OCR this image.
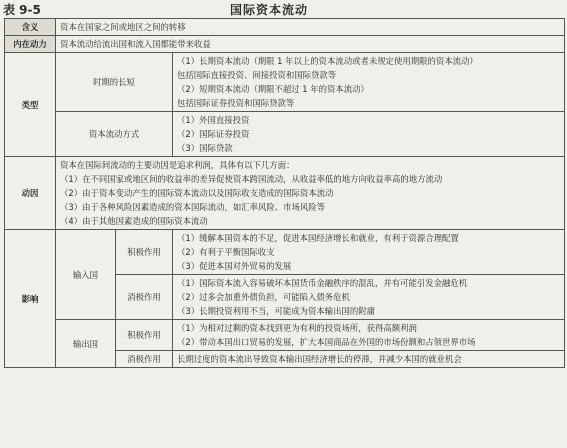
表 9-5	国际资本流动
含义	资本在国家之间或地区之间的转移		
内在动力	资本流动给流出国和流入国都能带来收益		
类型	时期的长短		（1）长期资本流动（期限 1 年以上的资本流动或者未规定使用期限的资本流动）
包括国际直接投资、间接投资和国际贷款等
（2）短期资本流动（期限不超过 1 年的资本流动）
包括国际证券投资和国际贷款等

	资本流动方式		（1）外国直接投资
（2）国际证券投资
（3）国际贷款

动因	资本在国际间流动的主要动因是追求利润，具体有以下几方面：
（1）在不同国家或地区间的收益率的差异促使资本跨国流动，从收益率低的地方向收益率高的地方流动
（2）由于资本变动产生的国际资本流动以及国际收支造成的国际资本流动
（3）由于各种风险因素造成的资本国际流动，如汇率风险、市场风险等
（4）由于其他因素造成的国际资本流动		

影响	输入国	积极作用	（1）缓解本国资本的不足，促进本国经济增长和就业，有利于资源合理配置
（2）有利于平衡国际收支
（3）促进本国对外贸易的发展

		消极作用	（1）国际资本流入容易破坏本国货币金融秩序的混乱，并有可能引发金融危机
（2）过多会加重外债负担，可能陷入债务危机
（3）长期投资利用不当，可能成为资本输出国的附庸

	输出国	积极作用	（1）为相对过剩的资本找到更为有利的投资场所，获得高额利润
（2）带动本国出口贸易的发展，扩大本国商品在外国的市场份额和占领世界市场

		消极作用	长期过度的资本流出导致资本输出国经济增长的停滞，并减少本国的就业机会
